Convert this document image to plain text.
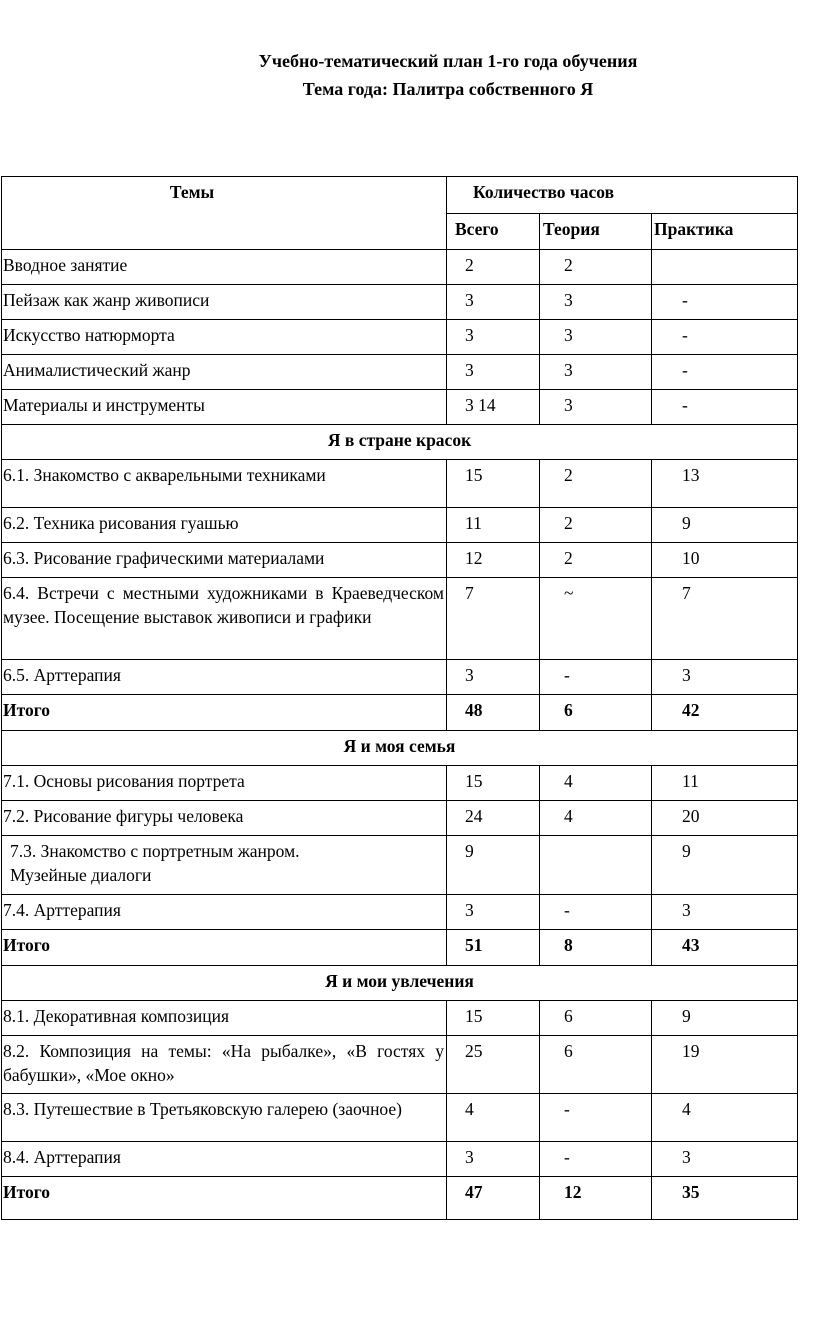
Учебно-тематический план 1-го года обучения
Тема года: Палитра собственного Я
Темы	Количество часов		
	Всего	Теория	Практика
Вводное занятие	2	2	
Пейзаж как жанр живописи	3	3	-
Искусство натюрморта	3	3	-
Анималистический жанр	3	3	-
Материалы и инструменты	3 14	3	-
Я в стране красок			
6.1. Знакомство с акварельными техниками	15	2	13
6.2. Техника рисования гуашью	11	2	9
6.3. Рисование графическими материалами	12	2	10
6.4. Встречи с местными художниками в Краеведческом музее. Посещение выставок живописи и графики	7	~	7
6.5. Арттерапия	3	-	3
Итого	48	6	42
Я и моя семья			
7.1. Основы рисования портрета	15	4	11
7.2. Рисование фигуры человека	24	4	20
7.3. Знакомство с портретным жанром. Музейные диалоги	9		9
7.4. Арттерапия	3	-	3
Итого	51	8	43
Я и мои увлечения			
8.1. Декоративная композиция	15	6	9
8.2. Композиция на темы: «На рыбалке», «В гостях у бабушки», «Мое окно»	25	6	19
8.3. Путешествие в Третьяковскую галерею (заочное)	4	-	4
8.4. Арттерапия	3	-	3
Итого	47	12	35
